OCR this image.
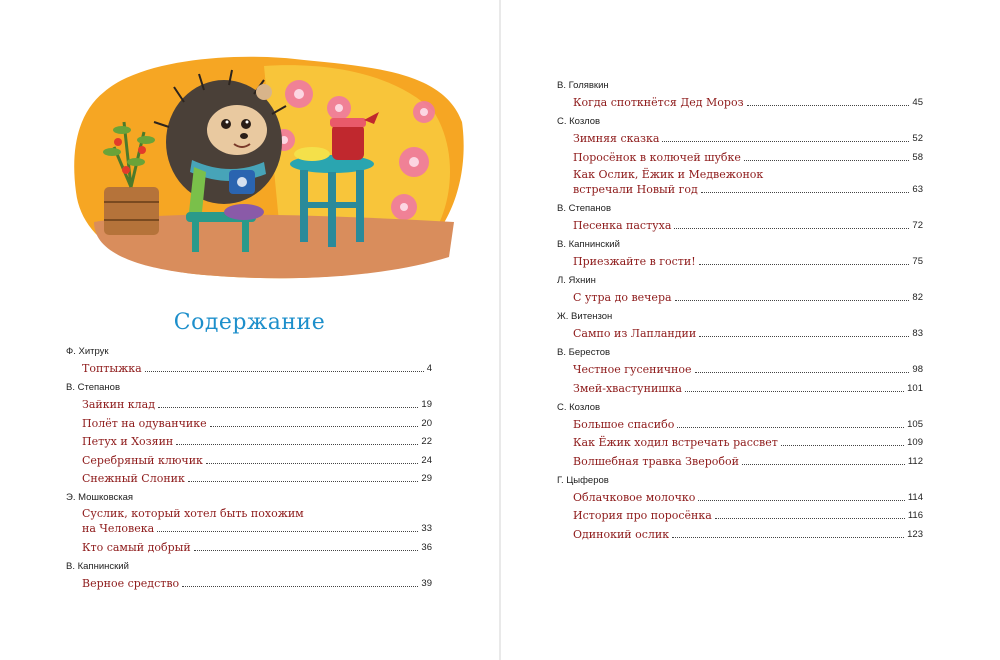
Содержание
Ф. Хитрук
Топтыжка	4
В. Степанов
Зайкин клад	19
Полёт на одуванчике	20
Петух и Хозяин	22
Серебряный ключик	24
Снежный Слоник	29
Э. Мошковская
Суслик, который хотел быть похожим
на Человека	33
Кто самый добрый	36
В. Капнинский
Верное средство	39
В. Голявкин
Когда споткнётся Дед Мороз	45
С. Козлов
Зимняя сказка	52
Поросёнок в колючей шубке	58
Как Ослик, Ёжик и Медвежонок
встречали Новый год	63
В. Степанов
Песенка пастуха	72
В. Капнинский
Приезжайте в гости!	75
Л. Яхнин
С утра до вечера	82
Ж. Витензон
Сампо из Лапландии	83
В. Берестов
Честное гусеничное	98
Змей-хвастунишка	101
С. Козлов
Большое спасибо	105
Как Ёжик ходил встречать рассвет	109
Волшебная травка Зверобой	112
Г. Цыферов
Облачковое молочко	114
История про поросёнка	116
Одинокий ослик	123
